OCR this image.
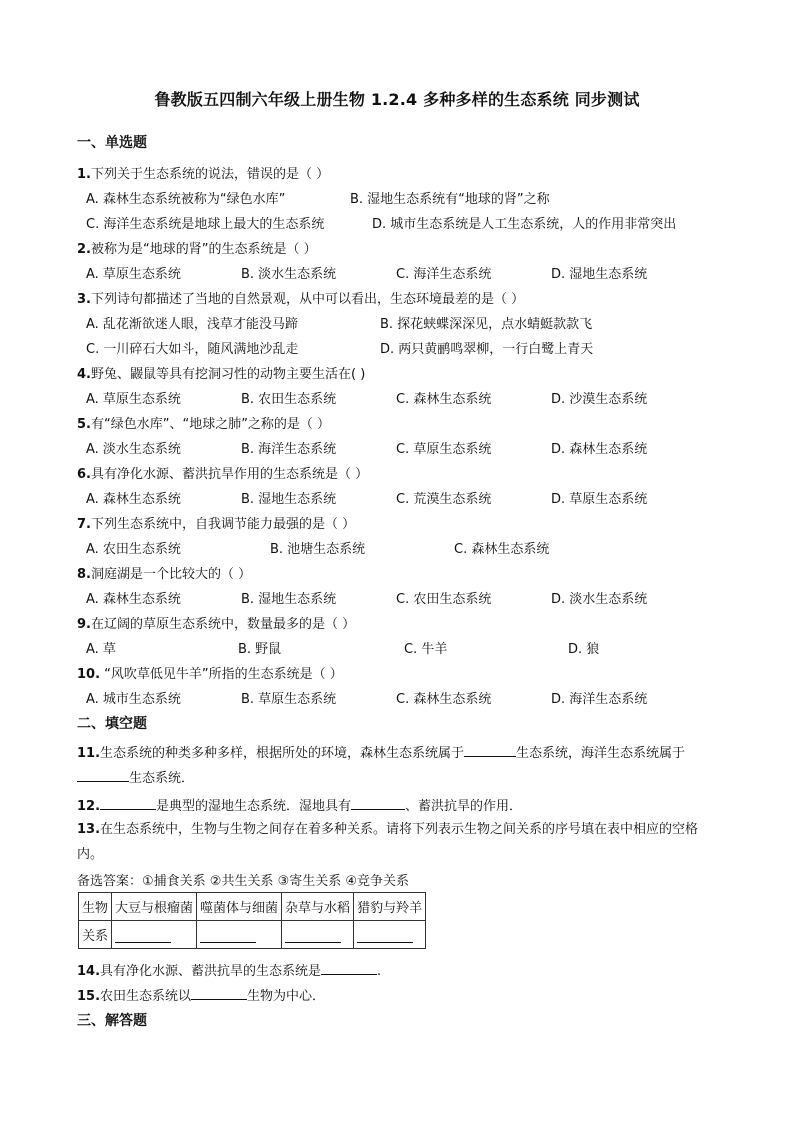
鲁教版五四制六年级上册生物 1.2.4 多种多样的生态系统 同步测试
一、单选题
1.下列关于生态系统的说法，错误的是（ ）
A. 森林生态系统被称为“绿色水库”	B. 湿地生态系统有“地球的肾”之称
C. 海洋生态系统是地球上最大的生态系统	D. 城市生态系统是人工生态系统，人的作用非常突出
2.被称为是“地球的肾”的生态系统是（ ）
A. 草原生态系统	B. 淡水生态系统	C. 海洋生态系统	D. 湿地生态系统
3.下列诗句都描述了当地的自然景观，从中可以看出，生态环境最差的是（ ）
A. 乱花渐欲迷人眼，浅草才能没马蹄	B. 探花蛱蝶深深见，点水蜻蜓款款飞
C. 一川碎石大如斗，随风满地沙乱走	D. 两只黄鹂鸣翠柳，一行白鹭上青天
4.野兔、鼹鼠等具有挖洞习性的动物主要生活在( )
A. 草原生态系统	B. 农田生态系统	C. 森林生态系统	D. 沙漠生态系统
5.有“绿色水库”、“地球之肺”之称的是（ ）
A. 淡水生态系统	B. 海洋生态系统	C. 草原生态系统	D. 森林生态系统
6.具有净化水源、蓄洪抗旱作用的生态系统是（ ）
A. 森林生态系统	B. 湿地生态系统	C. 荒漠生态系统	D. 草原生态系统
7.下列生态系统中，自我调节能力最强的是（ ）
A. 农田生态系统	B. 池塘生态系统	C. 森林生态系统
8.洞庭湖是一个比较大的（ ）
A. 森林生态系统	B. 湿地生态系统	C. 农田生态系统	D. 淡水生态系统
9.在辽阔的草原生态系统中，数量最多的是（ ）
A. 草	B. 野鼠	C. 牛羊	D. 狼
10. “风吹草低见牛羊”所指的生态系统是（ ）
A. 城市生态系统	B. 草原生态系统	C. 森林生态系统	D. 海洋生态系统
二、填空题
11.生态系统的种类多种多样，根据所处的环境，森林生态系统属于	生态系统，海洋生态系统属于
生态系统．
12.	是典型的湿地生态系统．湿地具有	、蓄洪抗旱的作用．
13.在生态系统中，生物与生物之间存在着多种关系。请将下列表示生物之间关系的序号填在表中相应的空格内。
备选答案：①捕食关系 ②共生关系 ③寄生关系 ④竞争关系
生物	大豆与根瘤菌	噬菌体与细菌	杂草与水稻	猎豹与羚羊
关系				
14.具有净化水源、蓄洪抗旱的生态系统是	.
15.农田生态系统以	生物为中心．
三、解答题
